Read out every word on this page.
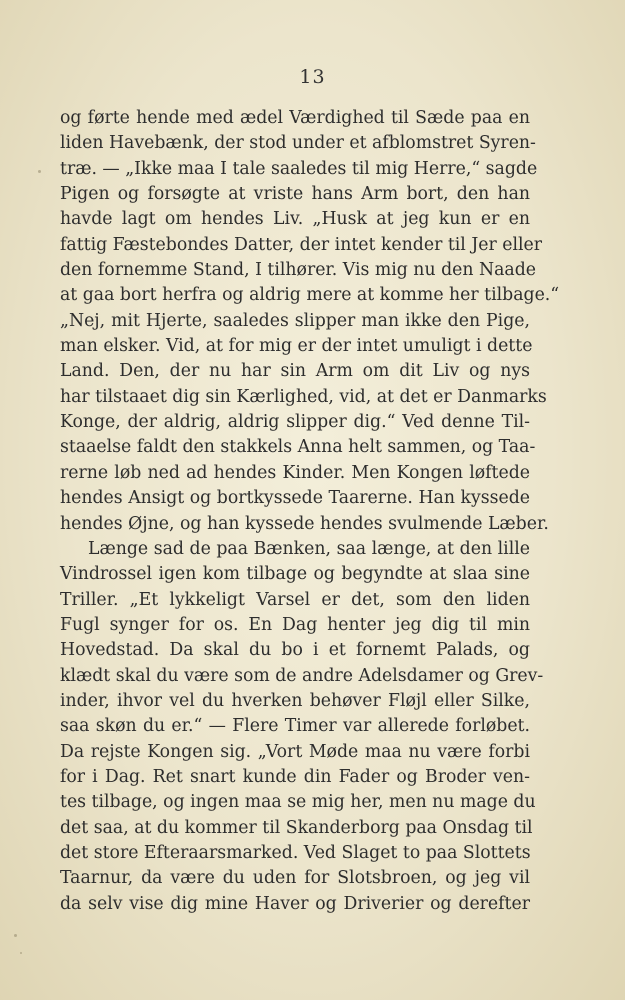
13
og førte hende med ædel Værdighed til Sæde paa en
liden Havebænk, der stod under et afblomstret Syren-
træ. — „Ikke maa I tale saaledes til mig Herre,“ sagde
Pigen og forsøgte at vriste hans Arm bort, den han
havde lagt om hendes Liv. „Husk at jeg kun er en
fattig Fæstebondes Datter, der intet kender til Jer eller
den fornemme Stand, I tilhører. Vis mig nu den Naade
at gaa bort herfra og aldrig mere at komme her tilbage.“
„Nej, mit Hjerte, saaledes slipper man ikke den Pige,
man elsker. Vid, at for mig er der intet umuligt i dette
Land. Den, der nu har sin Arm om dit Liv og nys
har tilstaaet dig sin Kærlighed, vid, at det er Danmarks
Konge, der aldrig, aldrig slipper dig.“ Ved denne Til-
staaelse faldt den stakkels Anna helt sammen, og Taa-
rerne løb ned ad hendes Kinder. Men Kongen løftede
hendes Ansigt og bortkyssede Taarerne. Han kyssede
hendes Øjne, og han kyssede hendes svulmende Læber.
Længe sad de paa Bænken, saa længe, at den lille
Vindrossel igen kom tilbage og begyndte at slaa sine
Triller. „Et lykkeligt Varsel er det, som den liden
Fugl synger for os. En Dag henter jeg dig til min
Hovedstad. Da skal du bo i et fornemt Palads, og
klædt skal du være som de andre Adelsdamer og Grev-
inder, ihvor vel du hverken behøver Fløjl eller Silke,
saa skøn du er.“ — Flere Timer var allerede forløbet.
Da rejste Kongen sig. „Vort Møde maa nu være forbi
for i Dag. Ret snart kunde din Fader og Broder ven-
tes tilbage, og ingen maa se mig her, men nu mage du
det saa, at du kommer til Skanderborg paa Onsdag til
det store Efteraarsmarked. Ved Slaget to paa Slottets
Taarnur, da være du uden for Slotsbroen, og jeg vil
da selv vise dig mine Haver og Driverier og derefter
